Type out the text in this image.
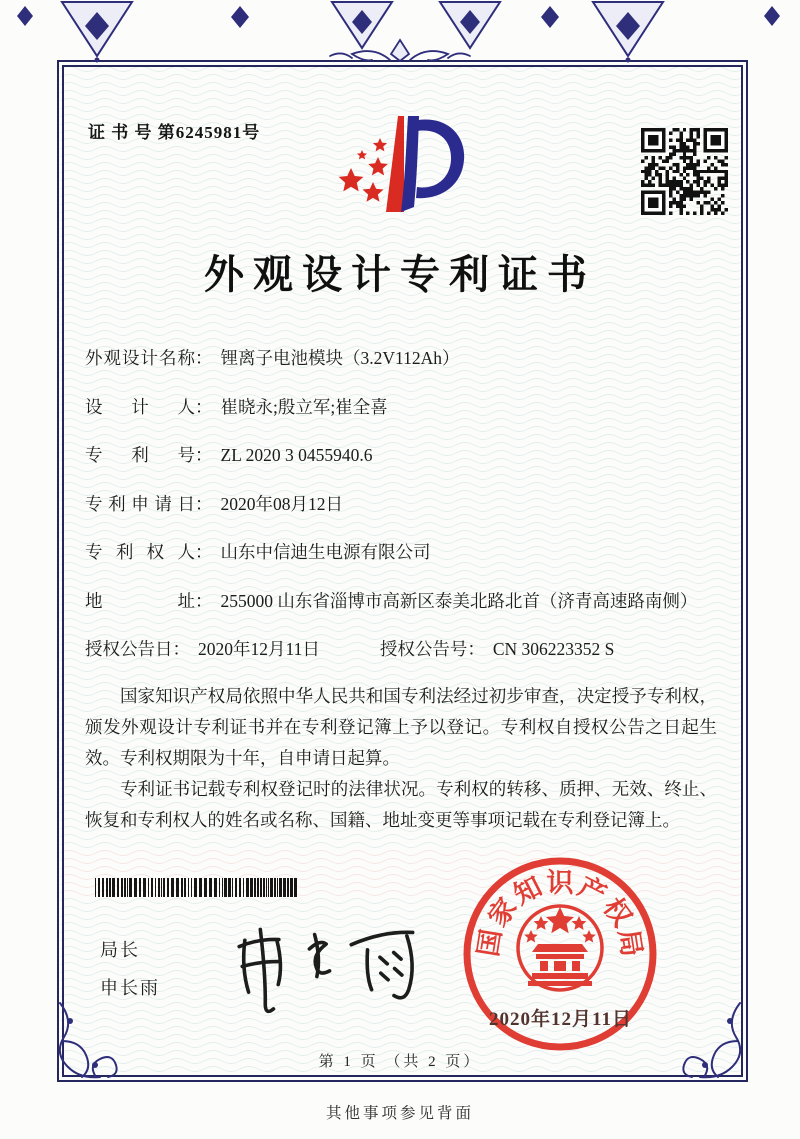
证 书 号 第6245981号
外观设计专利证书
外观设计名称 ： 锂离子电池模块（3.2V112Ah）
设计人 ： 崔晓永;殷立军;崔全喜
专利号 ： ZL 2020 3 0455940.6
专利申请日 ： 2020年08月12日
专利权人 ： 山东中信迪生电源有限公司
地址 ： 255000 山东省淄博市高新区泰美北路北首（济青高速路南侧）
授权公告日 ： 2020年12月11日	授权公告号 ： CN 306223352 S

国家知识产权局依照中华人民共和国专利法经过初步审查，决定授予专利权，颁发外观设计专利证书并在专利登记簿上予以登记。专利权自授权公告之日起生效。专利权期限为十年，自申请日起算。

专利证书记载专利权登记时的法律状况。专利权的转移、质押、无效、终止、恢复和专利权人的姓名或名称、国籍、地址变更等事项记载在专利登记簿上。

局长
申长雨
国
家
知 识 产
权
局
2020年12月11日
第 1 页 （共 2 页）
其他事项参见背面
